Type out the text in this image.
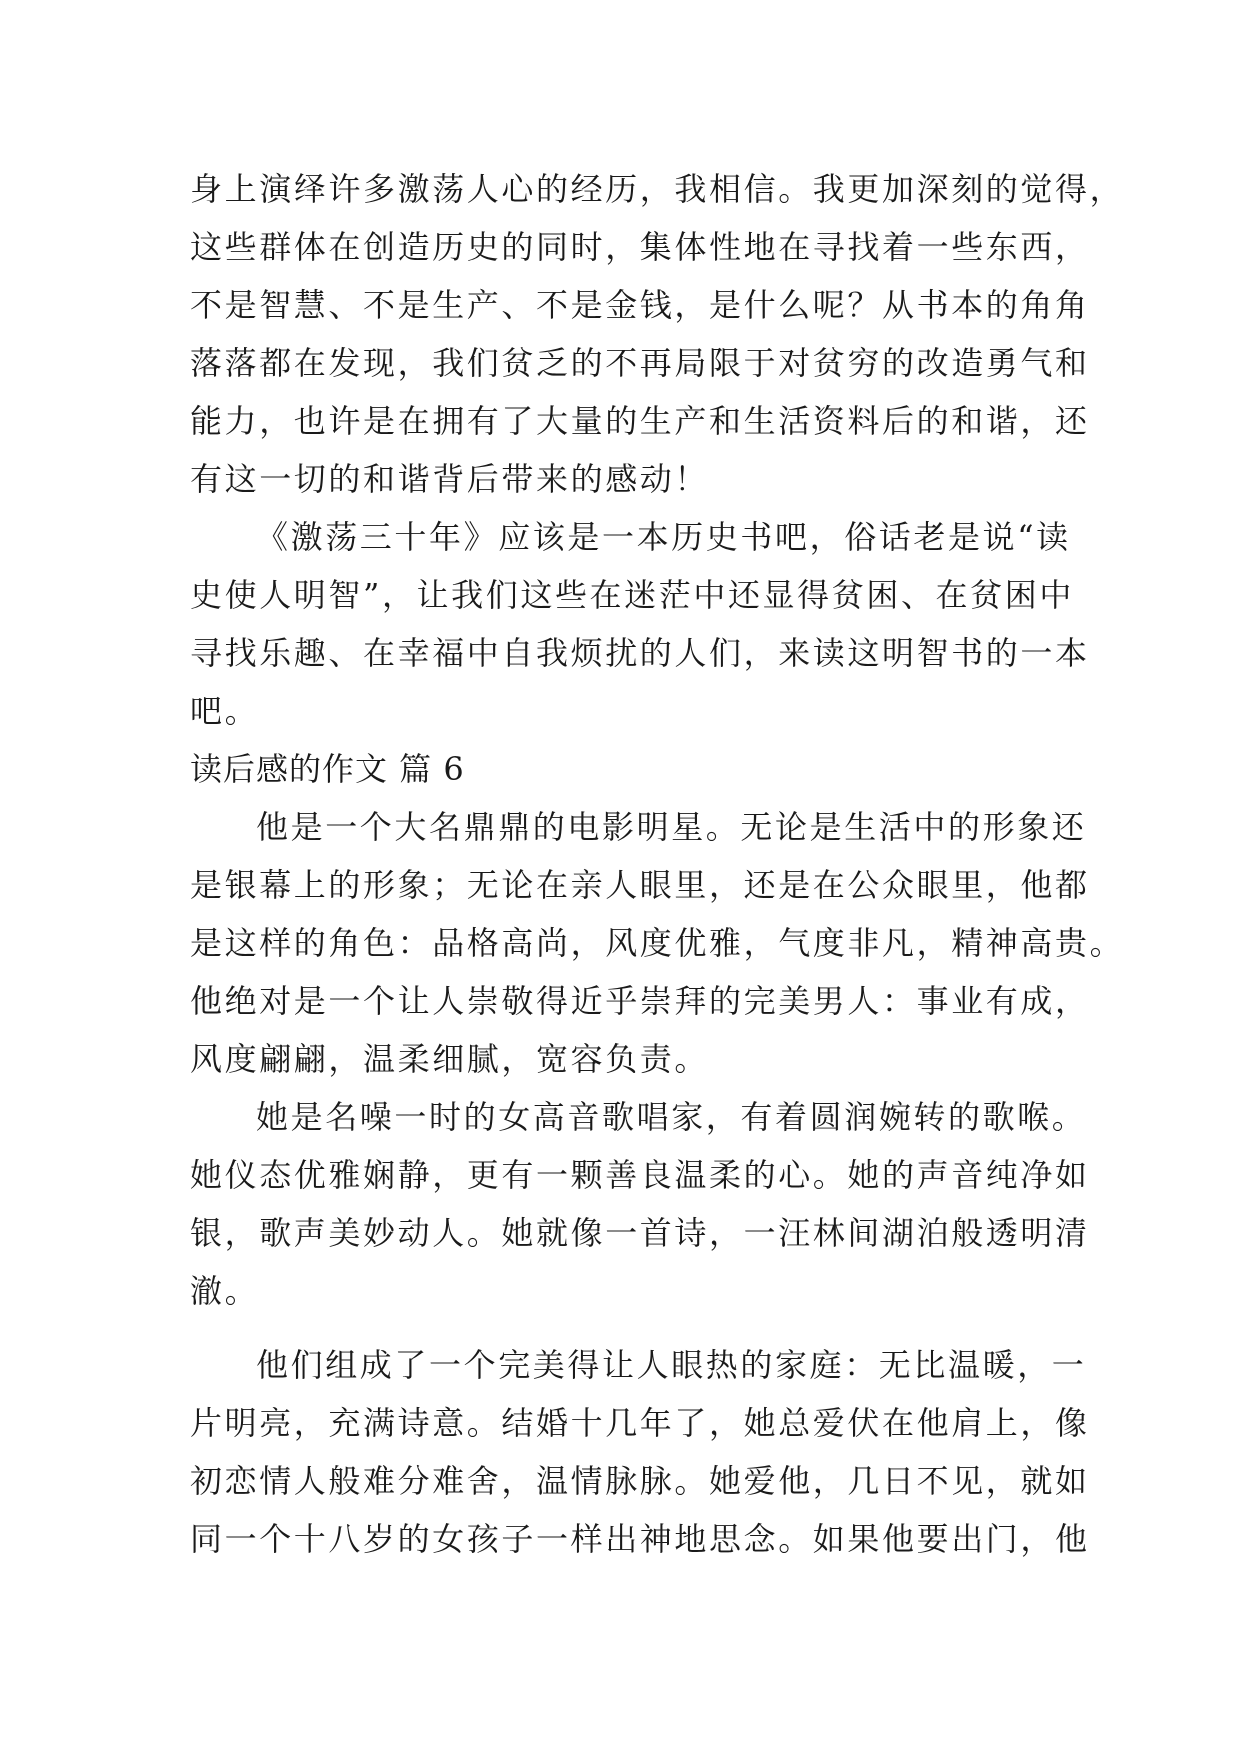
身上演绎许多激荡人心的经历，我相信。我更加深刻的觉得，
这些群体在创造历史的同时，集体性地在寻找着一些东西，
不是智慧、不是生产、不是金钱，是什么呢？从书本的角角
落落都在发现，我们贫乏的不再局限于对贫穷的改造勇气和
能力，也许是在拥有了大量的生产和生活资料后的和谐，还
有这一切的和谐背后带来的感动！
《激荡三十年》应该是一本历史书吧，俗话老是说“读
史使人明智”，让我们这些在迷茫中还显得贫困、在贫困中
寻找乐趣、在幸福中自我烦扰的人们，来读这明智书的一本
吧。
读后感的作文 篇 6
他是一个大名鼎鼎的电影明星。无论是生活中的形象还
是银幕上的形象；无论在亲人眼里，还是在公众眼里，他都
是这样的角色：品格高尚，风度优雅，气度非凡，精神高贵。
他绝对是一个让人崇敬得近乎崇拜的完美男人：事业有成，
风度翩翩，温柔细腻，宽容负责。
她是名噪一时的女高音歌唱家，有着圆润婉转的歌喉。
她仪态优雅娴静，更有一颗善良温柔的心。她的声音纯净如
银，歌声美妙动人。她就像一首诗，一汪林间湖泊般透明清
澈。
他们组成了一个完美得让人眼热的家庭：无比温暖，一
片明亮，充满诗意。结婚十几年了，她总爱伏在他肩上，像
初恋情人般难分难舍，温情脉脉。她爱他，几日不见，就如
同一个十八岁的女孩子一样出神地思念。如果他要出门，他
